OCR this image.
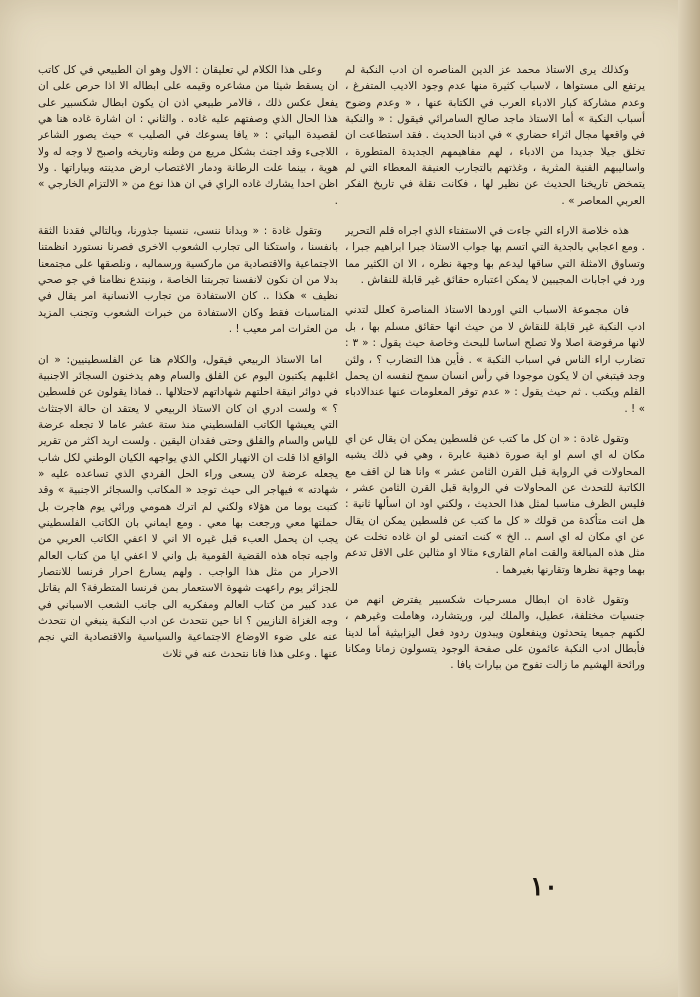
وكذلك يرى الاستاذ محمد عز الدين المناصره ان ادب النكبة لم يرتفع الى مستواها ، لاسباب كثيرة منها عدم وجود الاديب المتفرغ ، وعدم مشاركة كبار الادباء العرب في الكتابة عنها ، « وعدم وضوح أسباب النكبة » أما الاستاذ ماجد صالح السامرائي فيقول : « والنكبة في واقعها مجال اثراء حضاري » في ادبنا الحديث . فقد استطاعت ان تخلق جيلا جديدا من الادباء ، لهم مفاهيمهم الجديدة المتطورة ، واساليبهم الفنية المثرية ، وغذتهم بالتجارب العنيفة المعطاء التي لم يتمخض تاريخنا الحديث عن نظير لها ، فكانت نقلة في تاريخ الفكر العربي المعاصر » .

هذه خلاصة الاراء التي جاءت في الاستفتاء الذي اجراه قلم التحرير . ومع اعجابي بالجدية التي اتسم بها جواب الاستاذ جبرا ابراهيم جبرا ، وتساوق الامثلة التي ساقها ليدعم بها وجهة نظره ، الا ان الكثير مما ورد في اجابات المجيبين لا يمكن اعتباره حقائق غير قابلة للنقاش .

فان مجموعة الاسباب التي اوردها الاستاذ المناصرة كعلل لتدني ادب النكبة غير قابلة للنقاش لا من حيث انها حقائق مسلم بها ، بل لانها مرفوضة اصلا ولا تصلح اساسا للبحث وخاصة حيث يقول : « ٣ : تضارب اراء الناس في اسباب النكبة » . فأين هذا التضارب ؟ ، ولئن وجد فيتبغي ان لا يكون موجودا في رأس انسان سمح لنفسه ان يحمل القلم ويكتب . ثم حيث يقول : « عدم توفر المعلومات عنها عندالادباء » ! .

وتقول غادة : « ان كل ما كتب عن فلسطين يمكن ان يقال عن اي مكان له اي اسم او اية صورة ذهنية عابرة ، وهي في ذلك يشبه المحاولات في الرواية قبل القرن الثامن عشر » وانا هنا لن اقف مع الكاتبة للتحدث عن المحاولات في الرواية قبل القرن الثامن عشر ، فليس الظرف مناسبا لمثل هذا الحديث ، ولكني اود ان اسألها ثانية : هل انت متأكدة من قولك « كل ما كتب عن فلسطين يمكن ان يقال عن اي مكان له اي اسم .. الخ » كنت اتمنى لو ان غاده تخلت عن مثل هذه المبالغة والقت امام القارىء مثالا او مثالين على الاقل تدعم بهما وجهة نظرها وتقارنها بغيرهما .

وتقول غادة ان ابطال مسرحيات شكسبير يفترض انهم من جنسيات مختلفة، عطيل، والملك لير، وريتشارد، وهاملت وغيرهم ، لكنهم جميعا يتحدثون وينفعلون ويبدون ردود فعل اليزابيثية أما لدينا فأبطال ادب النكبة عائمون على صفحة الوجود يتسولون زمانا ومكانا ورائحة الهشيم ما زالت تفوح من بيارات يافا .

وعلى هذا الكلام لي تعليقان : الاول وهو ان الطبيعي في كل كاتب ان يسقط شيئا من مشاعره وقيمه على ابطاله الا اذا حرص على ان يفعل عكس ذلك ، فالامر طبيعي اذن ان يكون ابطال شكسبير على هذا الحال الذي وصفتهم عليه غاده . والثاني : ان اشارة غاده هنا هي لقصيدة البياتي : « يافا يسوعك في الصليب » حيث يصور الشاعر اللاجىء وقد اجتث بشكل مريع من وطنه وتاريخه واصبح لا وجه له ولا هوية ، بينما علت الرطانة ودمار الاغتصاب ارض مدينته وبياراتها . ولا اظن احدا يشارك غاده الراي في ان هذا نوع من « الالتزام الخارجي » .

وتقول غادة : « وبدانا ننسى، ننسينا جذورنا، وبالتالي فقدنا الثقة بانفسنا ، واستكنا الى تجارب الشعوب الاخرى فصرنا نستورد انظمتنا الاجتماعية والاقتصادية من ماركسية ورسماليه ، ونلصقها على مجتمعنا بدلا من ان نكون لانفسنا تجربتنا الخاصة ، ونبتدع نظامنا في جو صحي نظيف » هكذا .. كان الاستفادة من تجارب الانسانية امر يقال في المناسبات فقط وكان الاستفادة من خبرات الشعوب وتجنب المزيد من العثرات امر معيب ! .

اما الاستاذ الربيعي فيقول، والكلام هنا عن الفلسطينيين: « ان اغلبهم يكتبون اليوم عن القلق والسام وهم يدخنون السجائر الاجنبية في دوائر انيقة احلتهم شهاداتهم لاحتلالها .. فماذا يقولون عن فلسطين ؟ » ولست ادري ان كان الاستاذ الربيعي لا يعتقد ان حالة الاجتثاث التي يعيشها الكاتب الفلسطيني منذ ستة عشر عاما لا تجعله عرضة للياس والسام والقلق وحتى فقدان اليقين . ولست اريد اكثر من تقرير الواقع اذا قلت ان الانهيار الكلي الذي يواجهه الكيان الوطني لكل شاب يجعله عرضة لان يسعى وراء الحل الفردي الذي تساعده عليه « شهادته » فيهاجر الى حيث توجد « المكاتب والسجائر الاجنبية » وقد كتبت يوما من هؤلاء ولكني لم اترك همومي ورائي يوم هاجرت بل حملتها معي ورجعت بها معي . ومع ايماني بان الكاتب الفلسطيني يجب ان يحمل العبء قبل غيره الا اني لا اعفي الكاتب العربي من واجبه تجاه هذه القضية القومية بل واني لا اعفي ايا من كتاب العالم الاحرار من مثل هذا الواجب . ولهم يسارع احرار فرنسا للانتصار للجزائر يوم راعهت شهوة الاستعمار بمن فرنسا المتطرفة؟ الم يقاتل عدد كبير من كتاب العالم ومفكريه الى جانب الشعب الاسباني في وجه الغزاة النازيين ؟ انا حين نتحدث عن ادب النكبة ينبغي ان نتحدث عنه على ضوء الاوضاع الاجتماعية والسياسية والاقتصادية التي نجم عنها . وعلى هذا فانا نتحدث عنه في ثلاث

١٠
